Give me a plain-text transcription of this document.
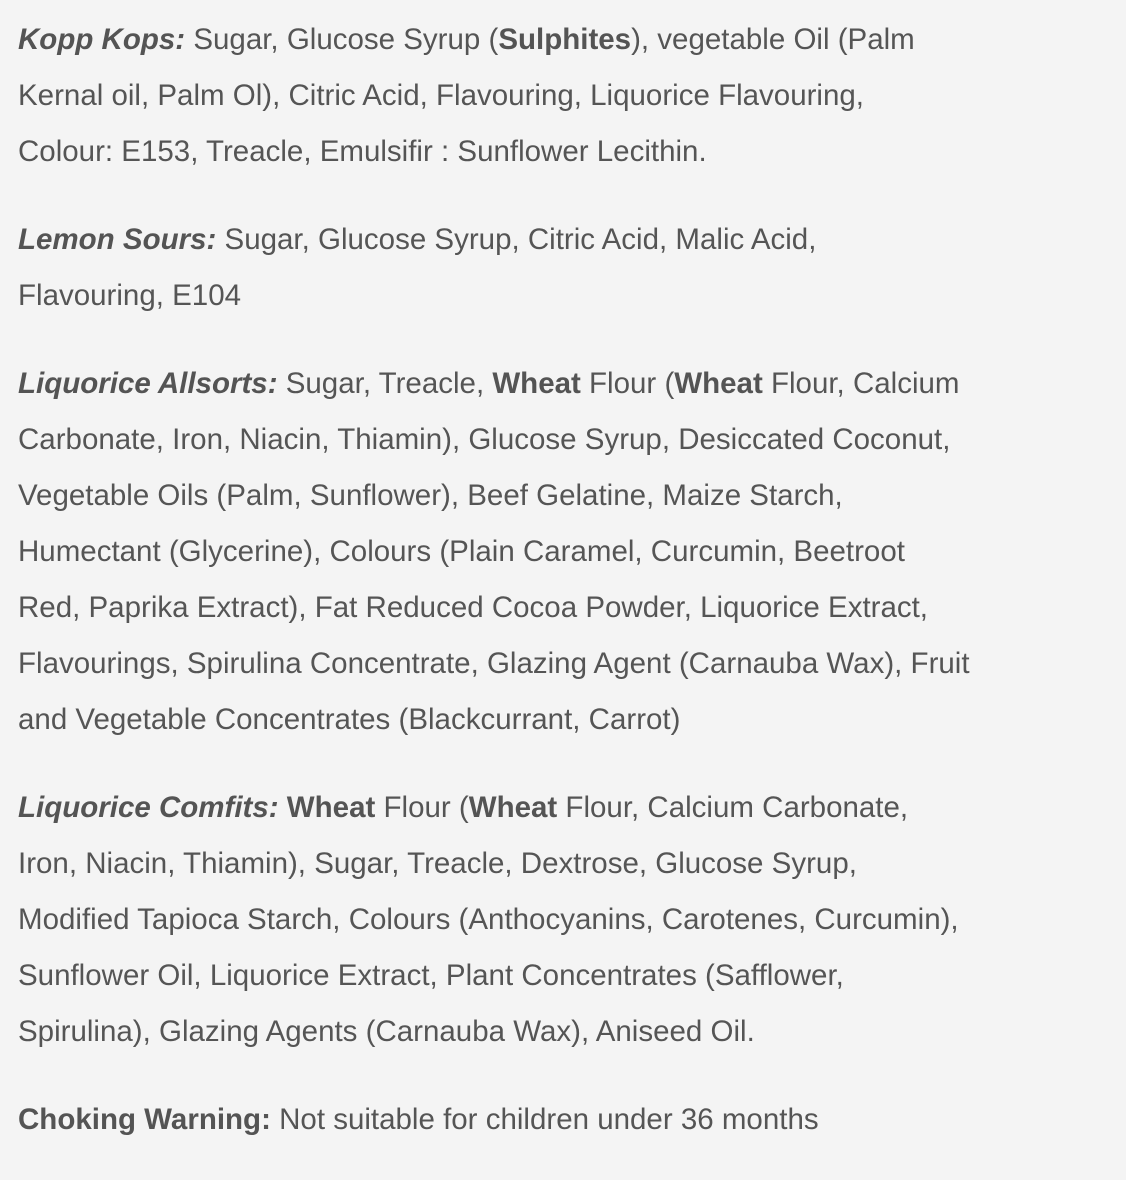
Kopp Kops: Sugar, Glucose Syrup (Sulphites), vegetable Oil (Palm
Kernal oil, Palm Ol), Citric Acid, Flavouring, Liquorice Flavouring,
Colour: E153, Treacle, Emulsifir : Sunflower Lecithin.

Lemon Sours: Sugar, Glucose Syrup, Citric Acid, Malic Acid,
Flavouring, E104

Liquorice Allsorts: Sugar, Treacle, Wheat Flour (Wheat Flour, Calcium
Carbonate, Iron, Niacin, Thiamin), Glucose Syrup, Desiccated Coconut,
Vegetable Oils (Palm, Sunflower), Beef Gelatine, Maize Starch,
Humectant (Glycerine), Colours (Plain Caramel, Curcumin, Beetroot
Red, Paprika Extract), Fat Reduced Cocoa Powder, Liquorice Extract,
Flavourings, Spirulina Concentrate, Glazing Agent (Carnauba Wax), Fruit
and Vegetable Concentrates (Blackcurrant, Carrot)

Liquorice Comfits: Wheat Flour (Wheat Flour, Calcium Carbonate,
Iron, Niacin, Thiamin), Sugar, Treacle, Dextrose, Glucose Syrup,
Modified Tapioca Starch, Colours (Anthocyanins, Carotenes, Curcumin),
Sunflower Oil, Liquorice Extract, Plant Concentrates (Safflower,
Spirulina), Glazing Agents (Carnauba Wax), Aniseed Oil.

Choking Warning: Not suitable for children under 36 months
